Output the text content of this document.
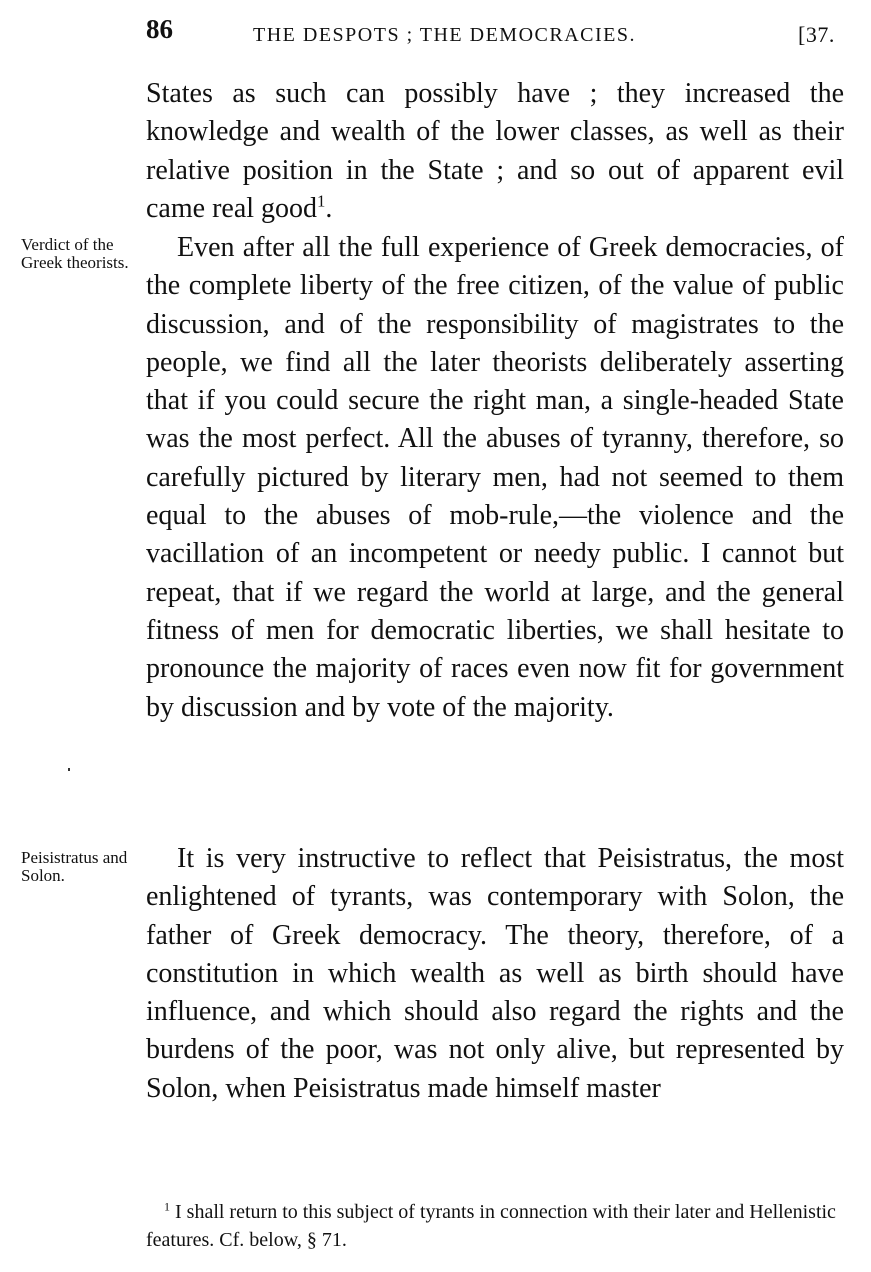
86	THE DESPOTS ; THE DEMOCRACIES.	[37.
States as such can possibly have ; they increased the knowledge and wealth of the lower classes, as well as their relative position in the State ; and so out of apparent evil came real good$^1$.
Verdict of the Greek theorists.	Even after all the full experience of Greek democracies, of the complete liberty of the free citizen, of the value of public discussion, and of the responsibility of magistrates to the people, we find all the later theorists deliberately asserting that if you could secure the right man, a single-headed State was the most perfect. All the abuses of tyranny, therefore, so carefully pictured by literary men, had not seemed to them equal to the abuses of mob-rule,—the violence and the vacillation of an incompetent or needy public. I cannot but repeat, that if we regard the world at large, and the general fitness of men for democratic liberties, we shall hesitate to pronounce the majority of races even now fit for government by discussion and by vote of the majority.
Peisistratus and Solon.
It is very instructive to reflect that Peisistratus, the most enlightened of tyrants, was contemporary with Solon, the father of Greek democracy. The theory, therefore, of a constitution in which wealth as well as birth should have influence, and which should also regard the rights and the burdens of the poor, was not only alive, but represented by Solon, when Peisistratus made himself master
$^1$ I shall return to this subject of tyrants in connection with their later and Hellenistic features. Cf. below, § 71.
